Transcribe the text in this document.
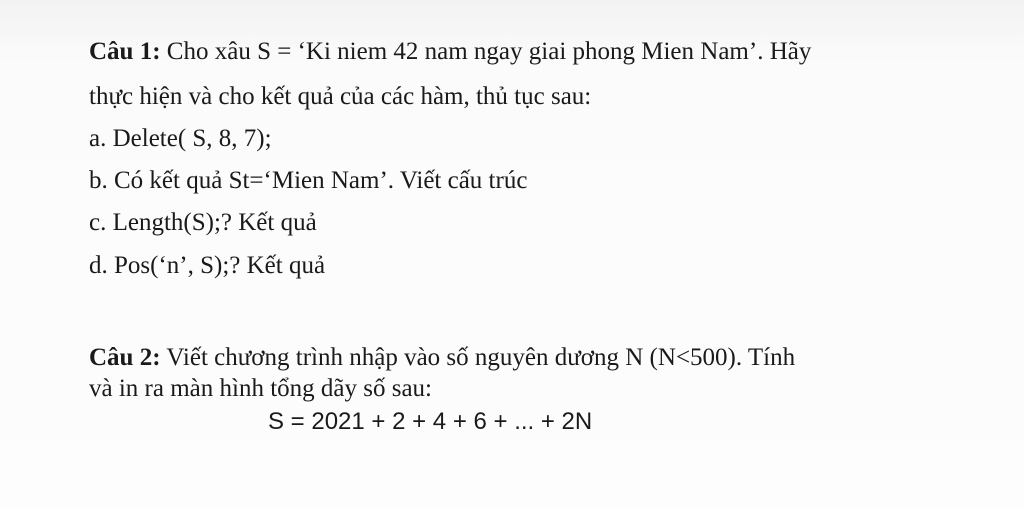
Câu 1: Cho xâu S = ‘Ki niem 42 nam ngay giai phong Mien Nam’. Hãy
thực hiện và cho kết quả của các hàm, thủ tục sau:
a. Delete( S, 8, 7);
b. Có kết quả St=‘Mien Nam’. Viết cấu trúc
c. Length(S);? Kết quả
d. Pos(‘n’, S);? Kết quả
Câu 2: Viết chương trình nhập vào số nguyên dương N (N<500). Tính
và in ra màn hình tổng dãy số sau:
S = 2021 + 2 + 4 + 6 + ... + 2N
